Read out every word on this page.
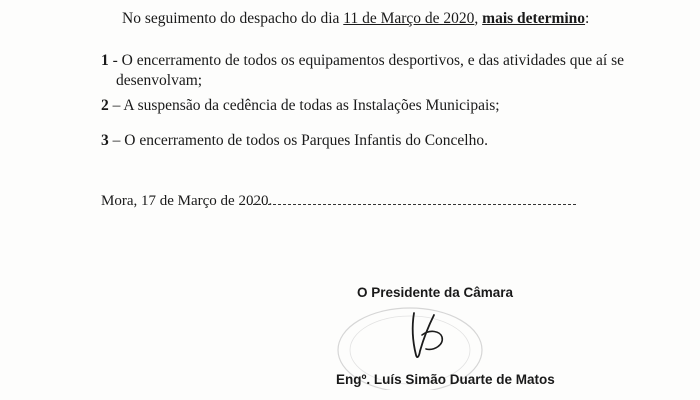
No seguimento do despacho do dia 11 de Março de 2020, mais determino:
1 - O encerramento de todos os equipamentos desportivos, e das atividades que aí se
desenvolvam;
2 – A suspensão da cedência de todas as Instalações Municipais;
3 – O encerramento de todos os Parques Infantis do Concelho.
Mora, 17 de Março de 2020.
O Presidente da Câmara
Engº. Luís Simão Duarte de Matos
